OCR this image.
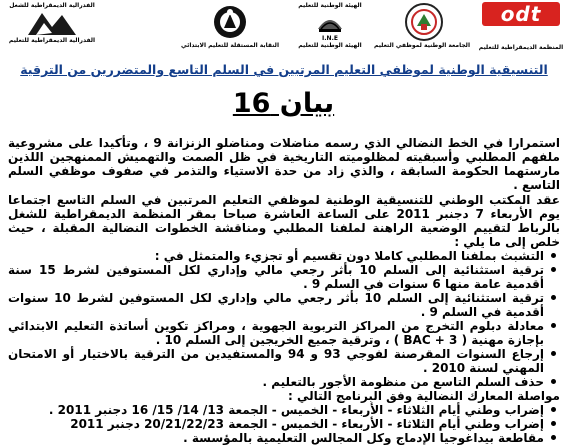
odt
المنظمة الديمقراطية للتعليم
الجامعة الوطنية لموظفي التعليم
الهيئة الوطنية للتعليم
I.N.E
الهيئة الوطنية للتعليم
النقابة المستقلة للتعليم الابتدائي
الفدرالية الديمقراطية للشغل
الفدرالية الديمقراطية للتعليم
التنسيقية الوطنية لموظفي التعليم المرتبين في السلم التاسع والمتضررين من الترقية
بيان 16

استمرارا في الخط النضالي الذي رسمه مناضلات ومناضلو الزنزانة 9 ، وتأكيدا على مشروعية ملفهم المطلبي وأسبقيته لمظلوميته التاريخية في ظل الصمت والتهميش الممنهجين اللذين مارستهما الحكومة السابقة ، والذي زاد من حدة الاستياء والتذمر في صفوف موظفي السلم التاسع .

عقد المكتب الوطني للتنسيقية الوطنية لموظفي التعليم المرتبين في السلم التاسع اجتماعا يوم الأربعاء 7 دجنبر 2011 على الساعة العاشرة صباحا بمقر المنظمة الديمقراطية للشغل بالرباط لتقييم الوضعية الراهنة لملفنا المطلبي ومناقشة الخطوات النضالية المقبلة ، حيث خلص إلى ما يلي :

التشبث بملفنا المطلبي كاملا دون تقسيم أو تجزيء والمتمثل في :
ترقية استثنائية إلى السلم 10 بأثر رجعي مالي وإداري لكل المستوفين لشرط 15 سنة أقدمية عامة منها 6 سنوات في السلم 9 .
ترقية استثنائية إلى السلم 10 بأثر رجعي مالي وإداري لكل المستوفين لشرط 10 سنوات أقدمية في السلم 9 .
معادلة دبلوم التخرج من المراكز التربوية الجهوية ، ومراكز تكوين أساتذة التعليم الابتدائي بإجازة مهنية ( BAC + 3 ) ، وترقية جميع الخريجين إلى السلم 10 .
إرجاع السنوات المقرصنة لفوجي 93 و 94 والمستفيدين من الترقية بالاختيار أو الامتحان المهني لسنة 2010 .
حذف السلم التاسع من منظومة الأجور بالتعليم .

مواصلة المعارك النضالية وفق البرنامج التالي :

إضراب وطني أيام الثلاثاء - الأربعاء - الخميس - الجمعة 13/ 14/ 15/ 16 دجنبر 2011 .
إضراب وطني أيام الثلاثاء - الأربعاء - الخميس - الجمعة 20/21/22/23 دجنبر 2011
مقاطعة بيداغوجيا الإدماج وكل المجالس التعليمية بالمؤسسة .
